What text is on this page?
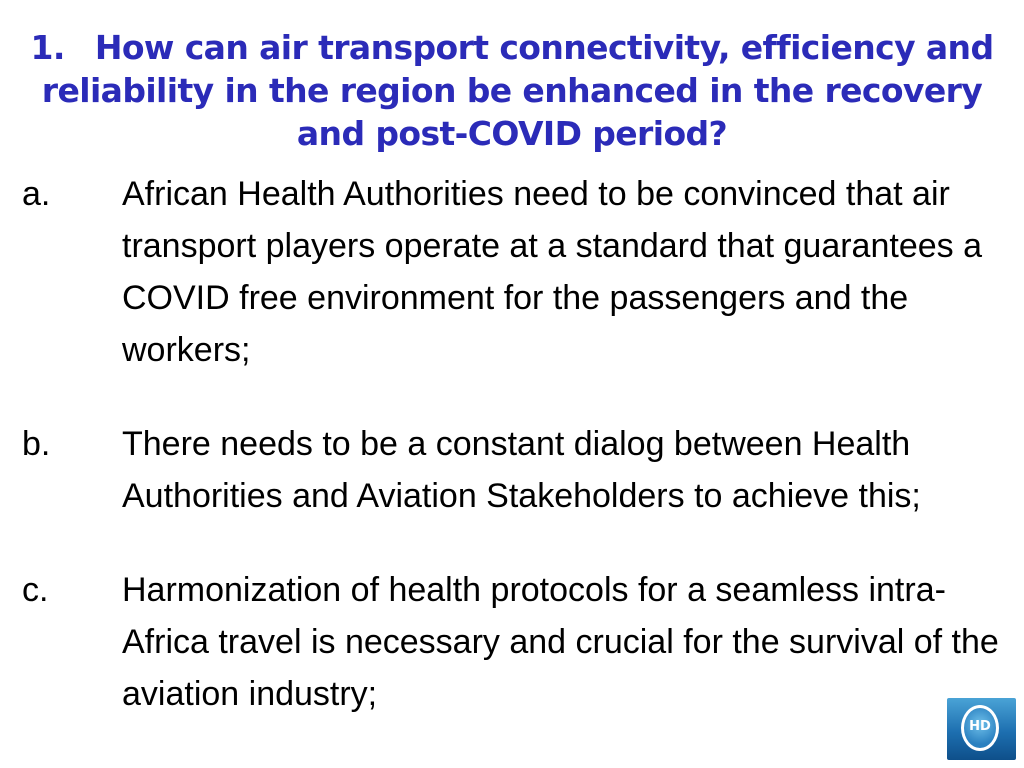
1. How can air transport connectivity, efficiency and reliability in the region be enhanced in the recovery and post-COVID period?
a. African Health Authorities need to be convinced that air transport players operate at a standard that guarantees a COVID free environment for the passengers and the workers;
b. There needs to be a constant dialog between Health Authorities and Aviation Stakeholders to achieve this;
c. Harmonization of health protocols for a seamless intra-Africa travel is necessary and crucial for the survival of the aviation industry;
HD
